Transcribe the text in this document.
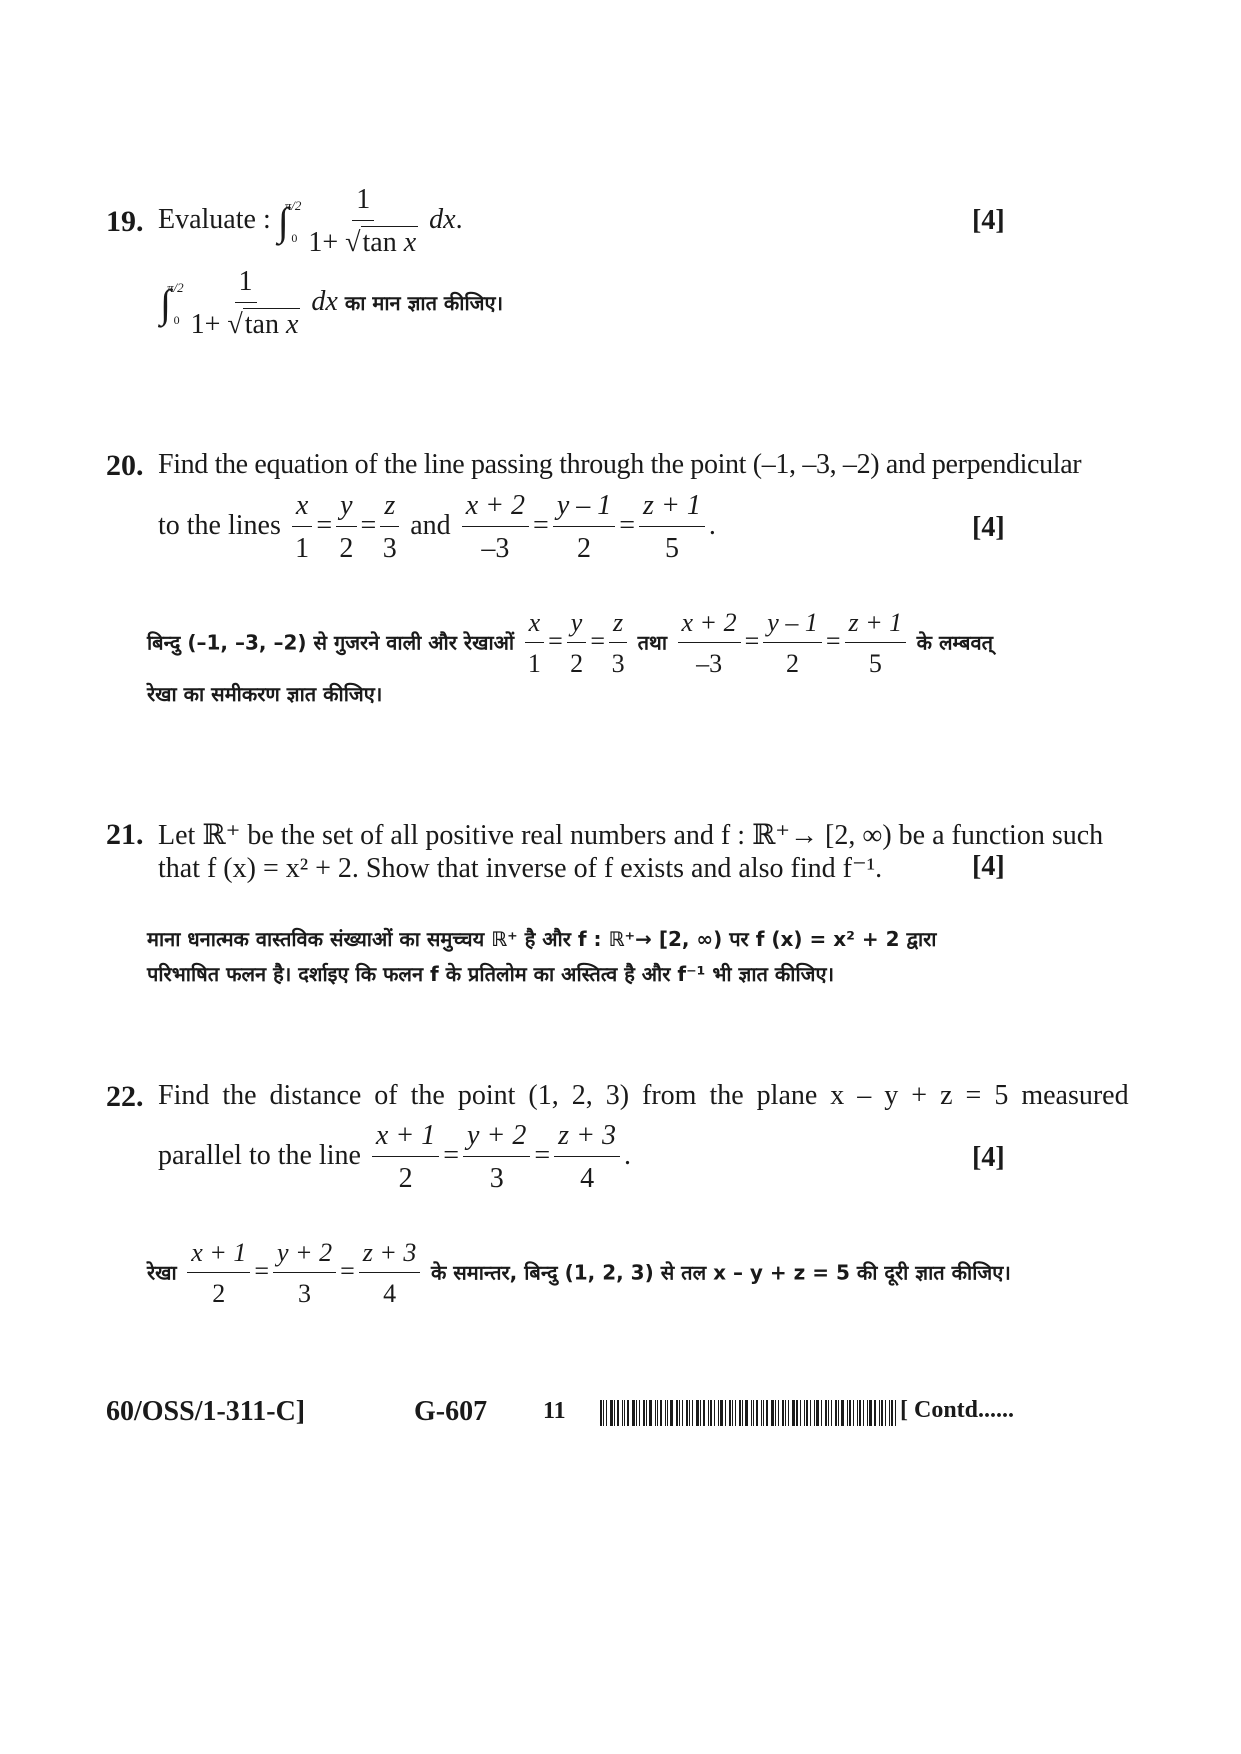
19. Evaluate : $\int^{\pi/2}_0 \frac{1}{\text{1+ √tan x}}$ dx.	[4]
$\int^{\pi/2}_0 \frac{1}{\text{1+ √tan x}}$ dx का मान ज्ञात कीजिए।
20. Find the equation of the line passing through the point (–1, –3, –2) and perpendicular
to the lines $\frac{x}{1} = \frac{y}{2} = \frac{z}{3}$ and $\frac{x + 2}{-3} = \frac{y - 1}{2} = \frac{z + 1}{5}$ .	[4]
बिन्दु (–1, –3, –2) से गुजरने वाली और रेखाओं $\frac{x}{1} = \frac{y}{2} = \frac{z}{3}$ तथा $\frac{x + 2}{-3} = \frac{y - 1}{2} = \frac{z + 1}{5}$ के लम्बवत्
रेखा का समीकरण ज्ञात कीजिए।
21. Let ℝ⁺ be the set of all positive real numbers and f : ℝ⁺→ [2, ∞) be a function such
that f (x) = x² + 2. Show that inverse of f exists and also find f⁻¹.	[4]
माना धनात्मक वास्तविक संख्याओं का समुच्चय ℝ⁺ है और f : ℝ⁺→ [2, ∞) पर f (x) = x² + 2 द्वारा
परिभाषित फलन है। दर्शाइए कि फलन f के प्रतिलोम का अस्तित्व है और f⁻¹ भी ज्ञात कीजिए।
22. Find the distance of the point (1, 2, 3) from the plane x – y + z = 5 measured
parallel to the line $\frac{x + 1}{2} = \frac{y + 2}{3} = \frac{z + 3}{4}$ .	[4]
रेखा $\frac{x + 1}{2} = \frac{y + 2}{3} = \frac{z + 3}{4}$ के समान्तर, बिन्दु (1, 2, 3) से तल x – y + z = 5 की दूरी ज्ञात कीजिए।
60/OSS/1-311-C]	G-607 11	[ Contd......
